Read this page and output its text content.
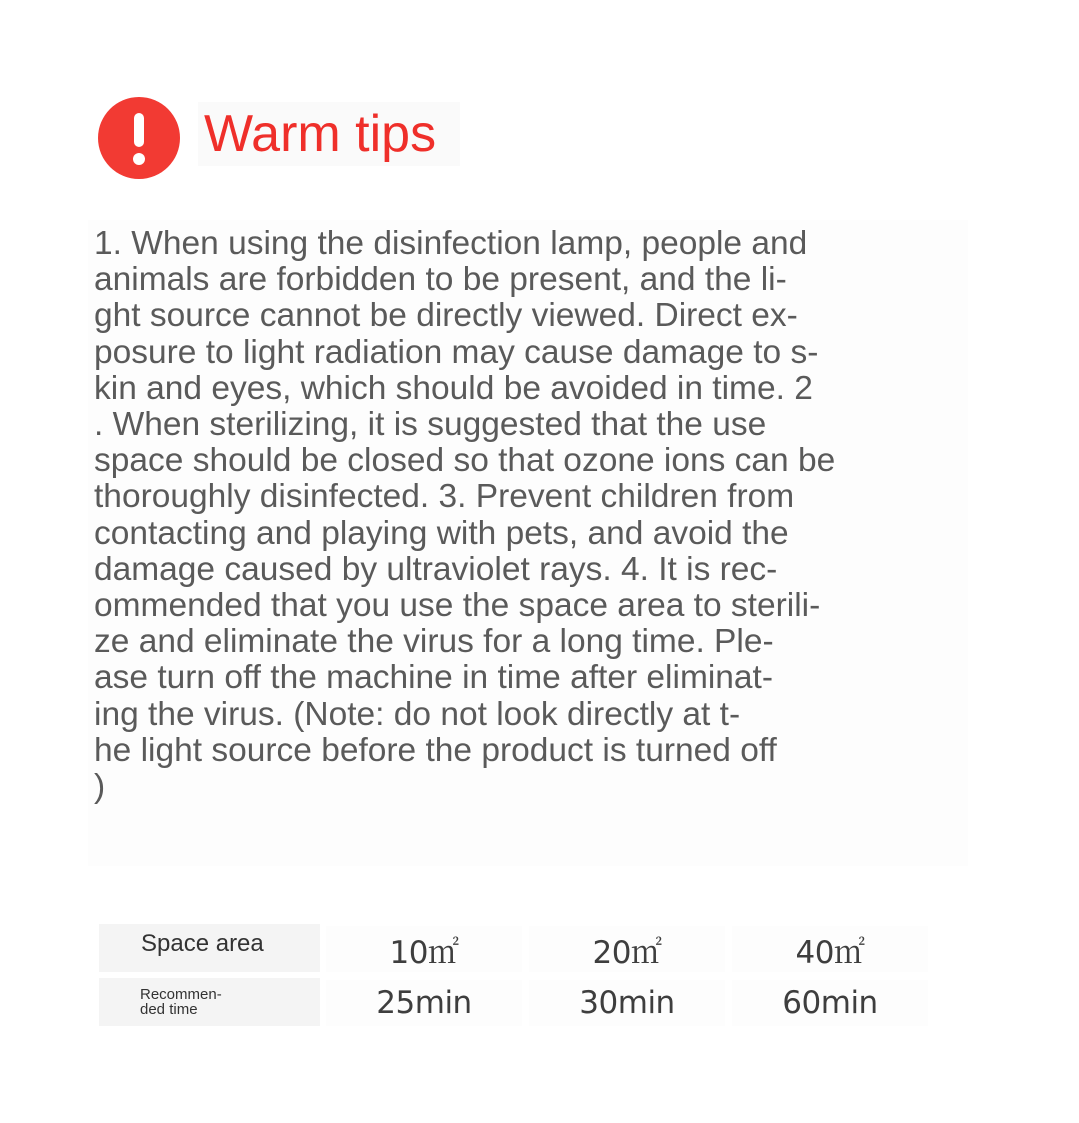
Warm tips

1. When using the disinfection lamp, people and
animals are forbidden to be present, and the li-
ght source cannot be directly viewed. Direct ex-
posure to light radiation may cause damage to s-
kin and eyes, which should be avoided in time. 2
. When sterilizing, it is suggested that the use
space should be closed so that ozone ions can be
thoroughly disinfected. 3. Prevent children from
contacting and playing with pets, and avoid the
damage caused by ultraviolet rays. 4. It is rec-
ommended that you use the space area to sterili-
ze and eliminate the virus for a long time. Ple-
ase turn off the machine in time after eliminat-
ing the virus. (Note: do not look directly at t-
he light source before the product is turned off
)

Space area	10㎡	20㎡	40㎡
Recommen-
ded time	25min	30min	60min
